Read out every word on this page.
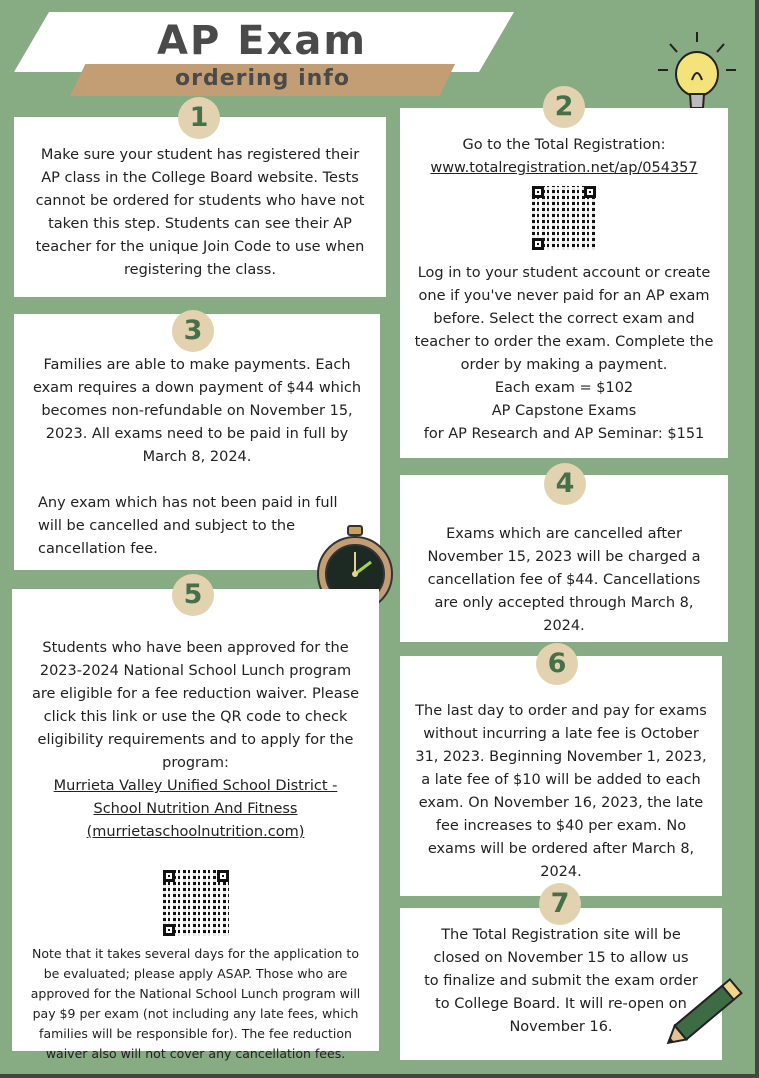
AP Exam
ordering info

Make sure your student has registered their AP class in the College Board website. Tests cannot be ordered for students who have not taken this step. Students can see their AP teacher for the unique Join Code to use when registering the class.

1

Go to the Total Registration:

www.totalregistration.net/ap/054357

Log in to your student account or create one if you've never paid for an AP exam before. Select the correct exam and teacher to order the exam. Complete the order by making a payment.

Each exam = $102

AP Capstone Exams

for AP Research and AP Seminar: $151

2

Families are able to make payments. Each exam requires a down payment of $44 which becomes non-refundable on November 15, 2023. All exams need to be paid in full by March 8, 2024.

Any exam which has not been paid in full will be cancelled and subject to the cancellation fee.

3

Exams which are cancelled after November 15, 2023 will be charged a cancellation fee of $44. Cancellations are only accepted through March 8, 2024.

4

Students who have been approved for the 2023-2024 National School Lunch program are eligible for a fee reduction waiver. Please click this link or use the QR code to check eligibility requirements and to apply for the program:

Murrieta Valley Unified School District -

School Nutrition And Fitness

(murrietaschoolnutrition.com)

Note that it takes several days for the application to be evaluated; please apply ASAP. Those who are approved for the National School Lunch program will pay $9 per exam (not including any late fees, which families will be responsible for). The fee reduction waiver also will not cover any cancellation fees.

5

The last day to order and pay for exams without incurring a late fee is October 31, 2023. Beginning November 1, 2023, a late fee of $10 will be added to each exam. On November 16, 2023, the late fee increases to $40 per exam. No exams will be ordered after March 8, 2024.

6

The Total Registration site will be closed on November 15 to allow us to finalize and submit the exam order to College Board. It will re-open on November 16.

7
